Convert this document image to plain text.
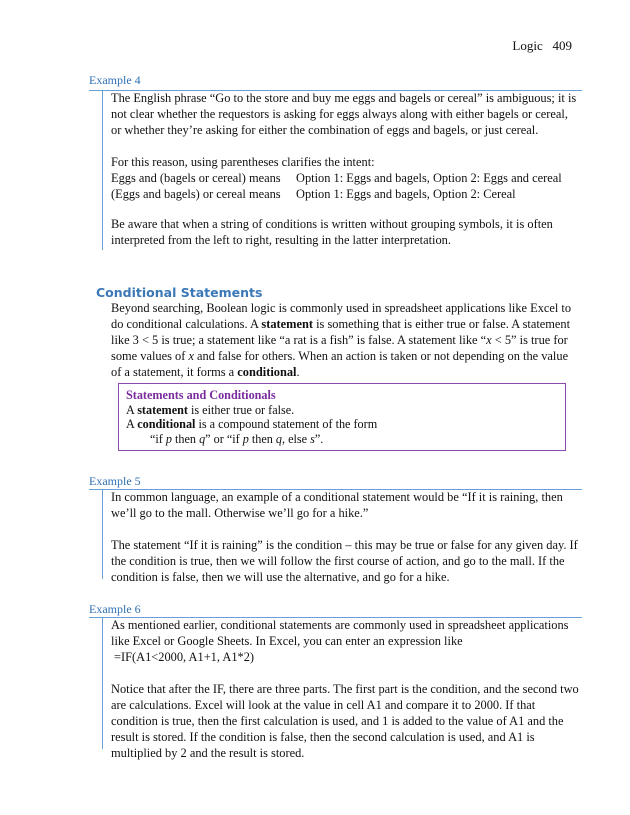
Logic 409
Example 4

The English phrase “Go to the store and buy me eggs and bagels or cereal” is ambiguous; it is not clear whether the requestors is asking for eggs always along with either bagels or cereal, or whether they’re asking for either the combination of eggs and bagels, or just cereal.

For this reason, using parentheses clarifies the intent:

Eggs and (bagels or cereal) means	Option 1: Eggs and bagels, Option 2: Eggs and cereal
(Eggs and bagels) or cereal means	Option 1: Eggs and bagels, Option 2: Cereal
Be aware that when a string of conditions is written without grouping symbols, it is often interpreted from the left to right, resulting in the latter interpretation.
Conditional Statements
Beyond searching, Boolean logic is commonly used in spreadsheet applications like Excel to do conditional calculations. A statement is something that is either true or false. A statement like 3 < 5 is true; a statement like “a rat is a fish” is false. A statement like “x < 5” is true for some values of x and false for others. When an action is taken or not depending on the value of a statement, it forms a conditional.
Statements and Conditionals
A statement is either true or false.
A conditional is a compound statement of the form
“if p then q” or “if p then q, else s”.
Example 5

In common language, an example of a conditional statement would be “If it is raining, then we’ll go to the mall. Otherwise we’ll go for a hike.”

The statement “If it is raining” is the condition – this may be true or false for any given day. If the condition is true, then we will follow the first course of action, and go to the mall. If the condition is false, then we will use the alternative, and go for a hike.

Example 6

As mentioned earlier, conditional statements are commonly used in spreadsheet applications like Excel or Google Sheets. In Excel, you can enter an expression like

=IF(A1<2000, A1+1, A1*2)

Notice that after the IF, there are three parts. The first part is the condition, and the second two are calculations. Excel will look at the value in cell A1 and compare it to 2000. If that condition is true, then the first calculation is used, and 1 is added to the value of A1 and the result is stored. If the condition is false, then the second calculation is used, and A1 is multiplied by 2 and the result is stored.
